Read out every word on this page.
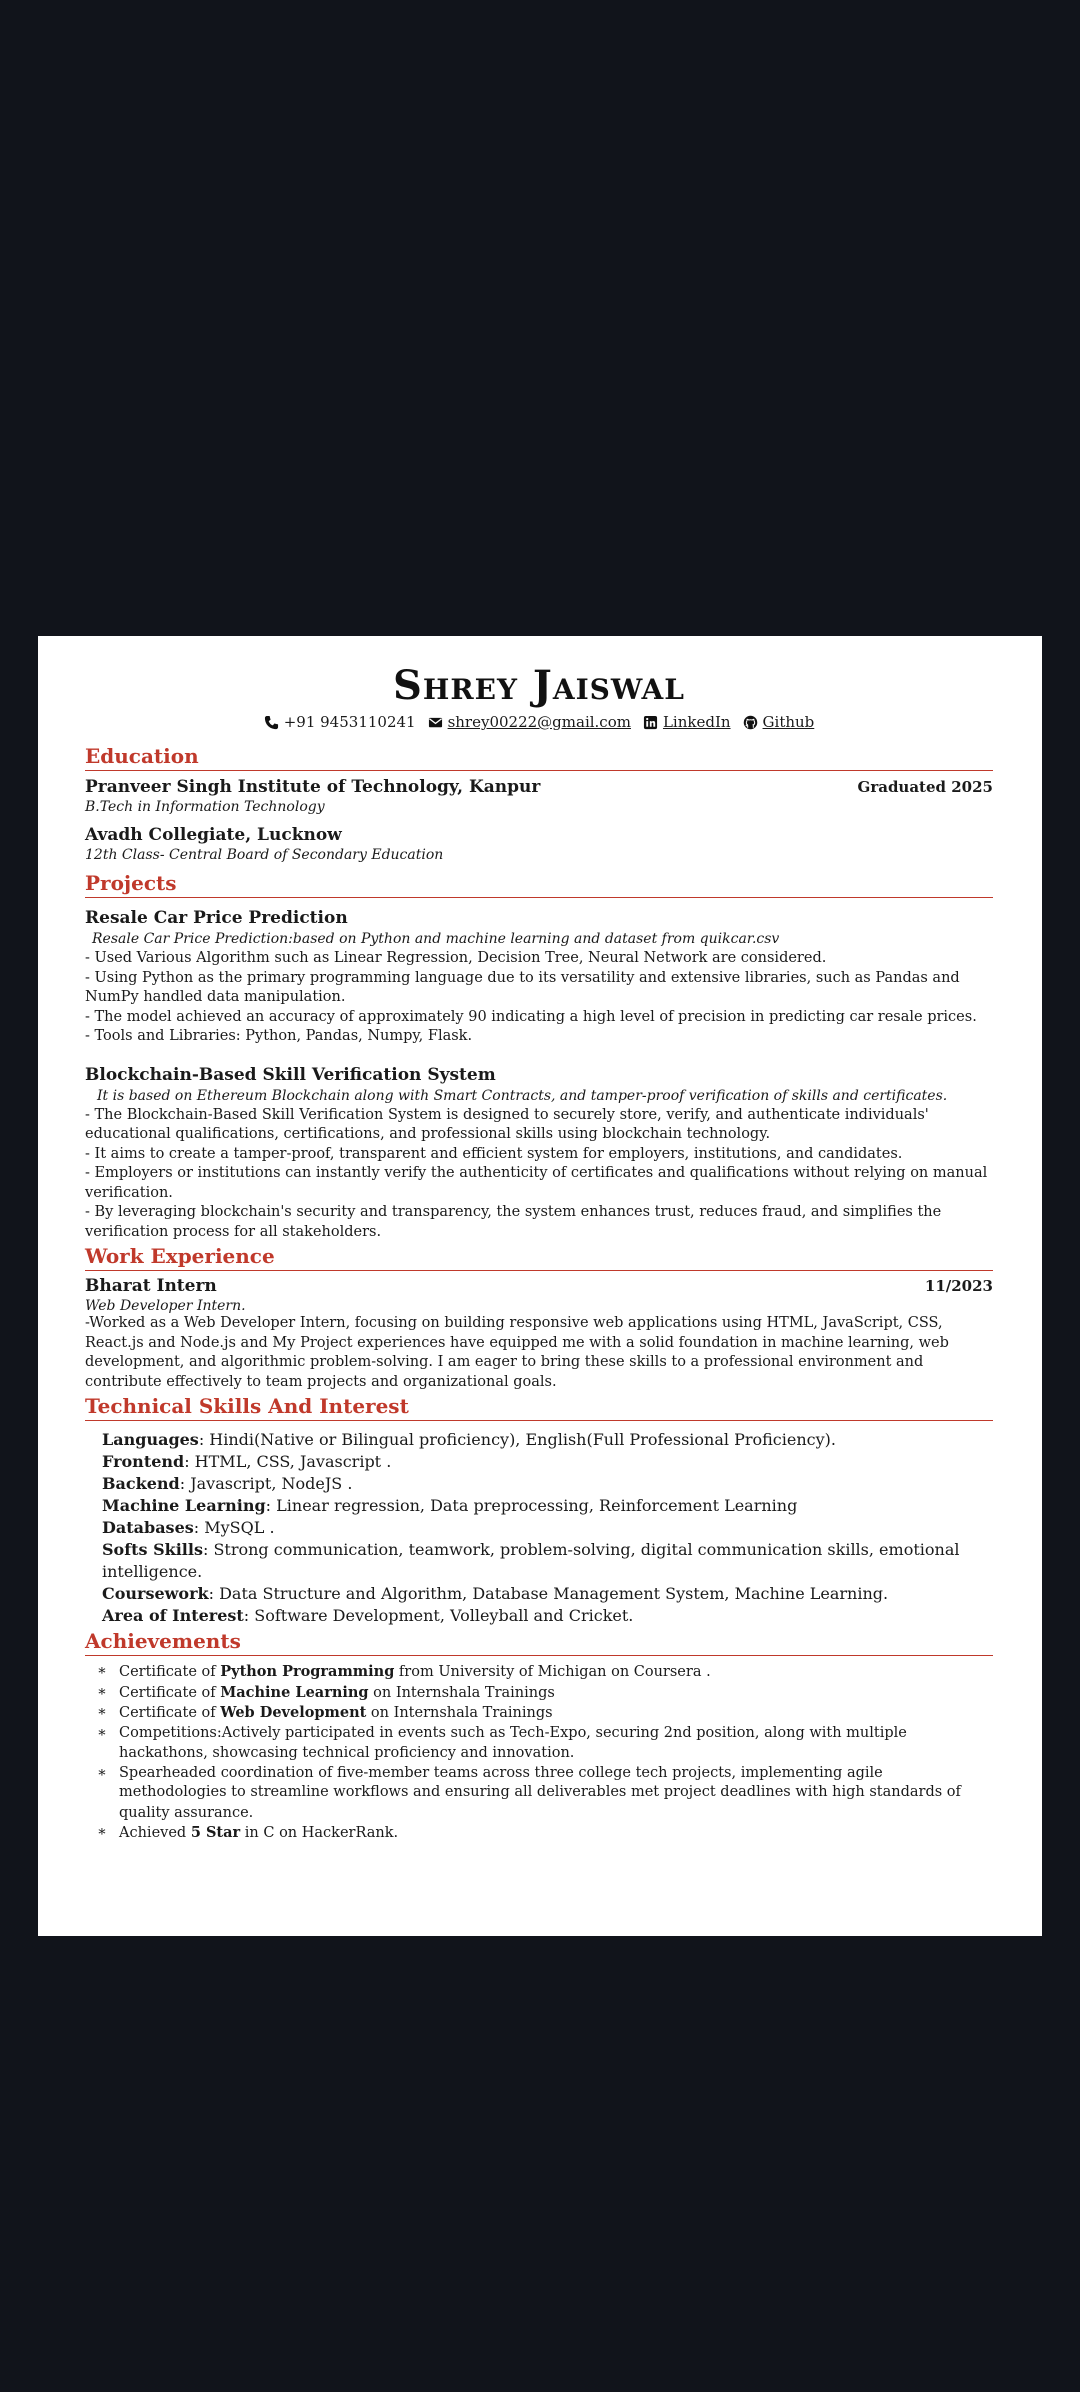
Shrey Jaiswal
+91 9453110241 shrey00222@gmail.com LinkedIn Github
Education
Pranveer Singh Institute of Technology, Kanpur	Graduated 2025
B.Tech in Information Technology
Avadh Collegiate, Lucknow
12th Class- Central Board of Secondary Education
Projects
Resale Car Price Prediction
Resale Car Price Prediction:based on Python and machine learning and dataset from quikcar.csv
- Used Various Algorithm such as Linear Regression, Decision Tree, Neural Network are considered.
- Using Python as the primary programming language due to its versatility and extensive libraries, such as Pandas and NumPy handled data manipulation.
- The model achieved an accuracy of approximately 90 indicating a high level of precision in predicting car resale prices.
- Tools and Libraries: Python, Pandas, Numpy, Flask.
Blockchain-Based Skill Verification System
It is based on Ethereum Blockchain along with Smart Contracts, and tamper-proof verification of skills and certificates.
- The Blockchain-Based Skill Verification System is designed to securely store, verify, and authenticate individuals' educational qualifications, certifications, and professional skills using blockchain technology.
- It aims to create a tamper-proof, transparent and efficient system for employers, institutions, and candidates.
- Employers or institutions can instantly verify the authenticity of certificates and qualifications without relying on manual verification.
- By leveraging blockchain's security and transparency, the system enhances trust, reduces fraud, and simplifies the verification process for all stakeholders.
Work Experience
Bharat Intern	11/2023
Web Developer Intern.
-Worked as a Web Developer Intern, focusing on building responsive web applications using HTML, JavaScript, CSS, React.js and Node.js and My Project experiences have equipped me with a solid foundation in machine learning, web development, and algorithmic problem-solving. I am eager to bring these skills to a professional environment and contribute effectively to team projects and organizational goals.
Technical Skills And Interest
Languages: Hindi(Native or Bilingual proficiency), English(Full Professional Proficiency).
Frontend: HTML, CSS, Javascript .
Backend: Javascript, NodeJS .
Machine Learning: Linear regression, Data preprocessing, Reinforcement Learning
Databases: MySQL .
Softs Skills: Strong communication, teamwork, problem-solving, digital communication skills, emotional intelligence.
Coursework: Data Structure and Algorithm, Database Management System, Machine Learning.
Area of Interest: Software Development, Volleyball and Cricket.
Achievements
∗ Certificate of Python Programming from University of Michigan on Coursera .
∗ Certificate of Machine Learning on Internshala Trainings
∗ Certificate of Web Development on Internshala Trainings
∗ Competitions:Actively participated in events such as Tech-Expo, securing 2nd position, along with multiple hackathons, showcasing technical proficiency and innovation.
∗ Spearheaded coordination of five-member teams across three college tech projects, implementing agile methodologies to streamline workflows and ensuring all deliverables met project deadlines with high standards of quality assurance.
∗ Achieved 5 Star in C on HackerRank.
